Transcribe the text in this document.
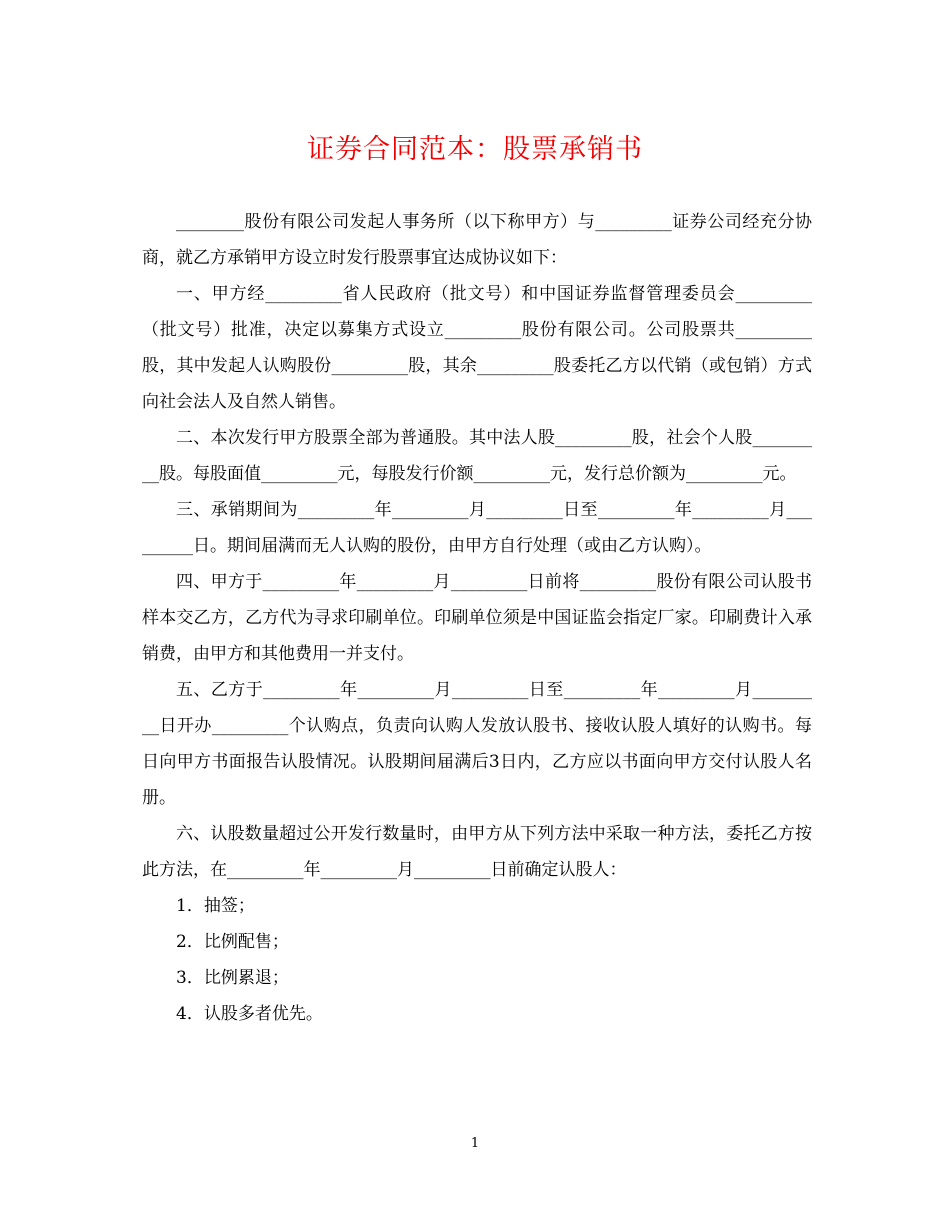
证券合同范本：股票承销书

________股份有限公司发起人事务所（以下称甲方）与_________证券公司经充分协商，就乙方承销甲方设立时发行股票事宜达成协议如下：

一、甲方经_________省人民政府（批文号）和中国证券监督管理委员会_________（批文号）批准，决定以募集方式设立_________股份有限公司。公司股票共_________股，其中发起人认购股份_________股，其余_________股委托乙方以代销（或包销）方式向社会法人及自然人销售。

二、本次发行甲方股票全部为普通股。其中法人股_________股，社会个人股_________股。每股面值_________元，每股发行价额_________元，发行总价额为_________元。

三、承销期间为_________年_________月_________日至_________年_________月_________日。期间届满而无人认购的股份，由甲方自行处理（或由乙方认购）。

四、甲方于_________年_________月_________日前将_________股份有限公司认股书样本交乙方，乙方代为寻求印刷单位。印刷单位须是中国证监会指定厂家。印刷费计入承销费，由甲方和其他费用一并支付。

五、乙方于_________年_________月_________日至_________年_________月_________日开办_________个认购点，负责向认购人发放认股书、接收认股人填好的认购书。每日向甲方书面报告认股情况。认股期间届满后3日内，乙方应以书面向甲方交付认股人名册。

六、认股数量超过公开发行数量时，由甲方从下列方法中采取一种方法，委托乙方按此方法，在_________年_________月_________日前确定认股人：

1．抽签；

2．比例配售；

3．比例累退；

4．认股多者优先。

1
